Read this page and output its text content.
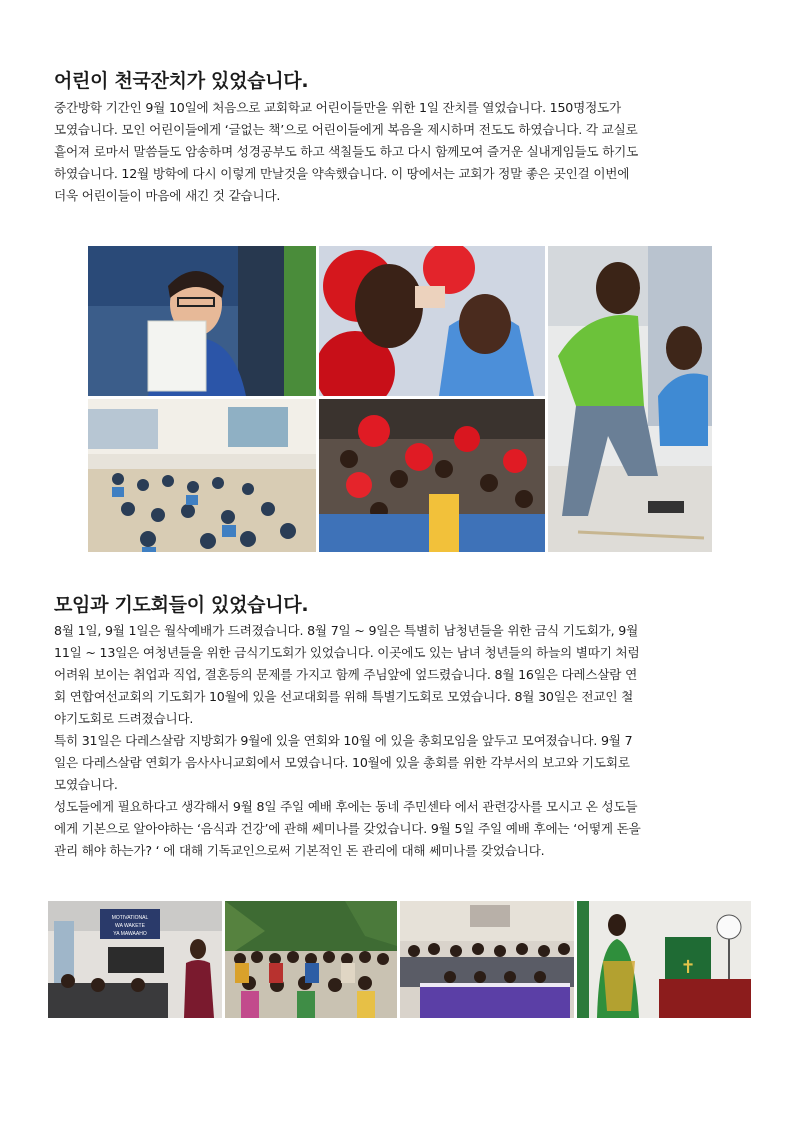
어린이 천국잔치가 있었습니다.
중간방학 기간인 9월 10일에 처음으로 교회학교 어린이들만을 위한 1일 잔치를 열었습니다. 150명정도가
모였습니다. 모인 어린이들에게 ‘글없는 책’으로 어린이들에게 복음을 제시하며 전도도 하였습니다. 각 교실로
흩어져 로마서 말씀들도 암송하며 성경공부도 하고 색칠들도 하고 다시 함께모여 즐거운 실내게임들도 하기도
하였습니다. 12월 방학에 다시 이렇게 만날것을 약속했습니다. 이 땅에서는 교회가 정말 좋은 곳인걸 이번에
더욱 어린이들이 마음에 새긴 것 같습니다.
모임과 기도회들이 있었습니다.
8월 1일, 9월 1일은 월삭예배가 드려졌습니다. 8월 7일 ~ 9일은 특별히 남청년들을 위한 금식 기도회가, 9월
11일 ~ 13일은 여청년들을 위한 금식기도회가 있었습니다. 이곳에도 있는 남녀 청년들의 하늘의 별따기 처럼
어려워 보이는 취업과 직업, 결혼등의 문제를 가지고 함께 주님앞에 엎드렸습니다. 8월 16일은 다레스살람 연
회 연합여선교회의 기도회가 10월에 있을 선교대회를 위해 특별기도회로 모였습니다. 8월 30일은 전교인 철
야기도회로 드려졌습니다.
특히 31일은 다레스살람 지방회가 9월에 있을 연회와 10월 에 있을 총회모임을 앞두고 모여졌습니다. 9월 7
일은 다레스살람 연회가 음사사니교회에서 모였습니다. 10월에 있을 총회를 위한 각부서의 보고와 기도회로
모였습니다.
성도들에게 필요하다고 생각해서 9월 8일 주일 예배 후에는 동네 주민센타 에서 관련강사를 모시고 온 성도들
에게 기본으로 알아야하는 ‘음식과 건강’에 관해 쎄미나를 갖었습니다. 9월 5일 주일 예배 후에는 ‘어떻게 돈을
관리 해야 하는가? ‘ 에 대해 기독교인으로써 기본적인 돈 관리에 대해 쎄미나를 갖었습니다.
MOTIVATIONAL
WA WAKETE
YA MAWAAHO
✝
